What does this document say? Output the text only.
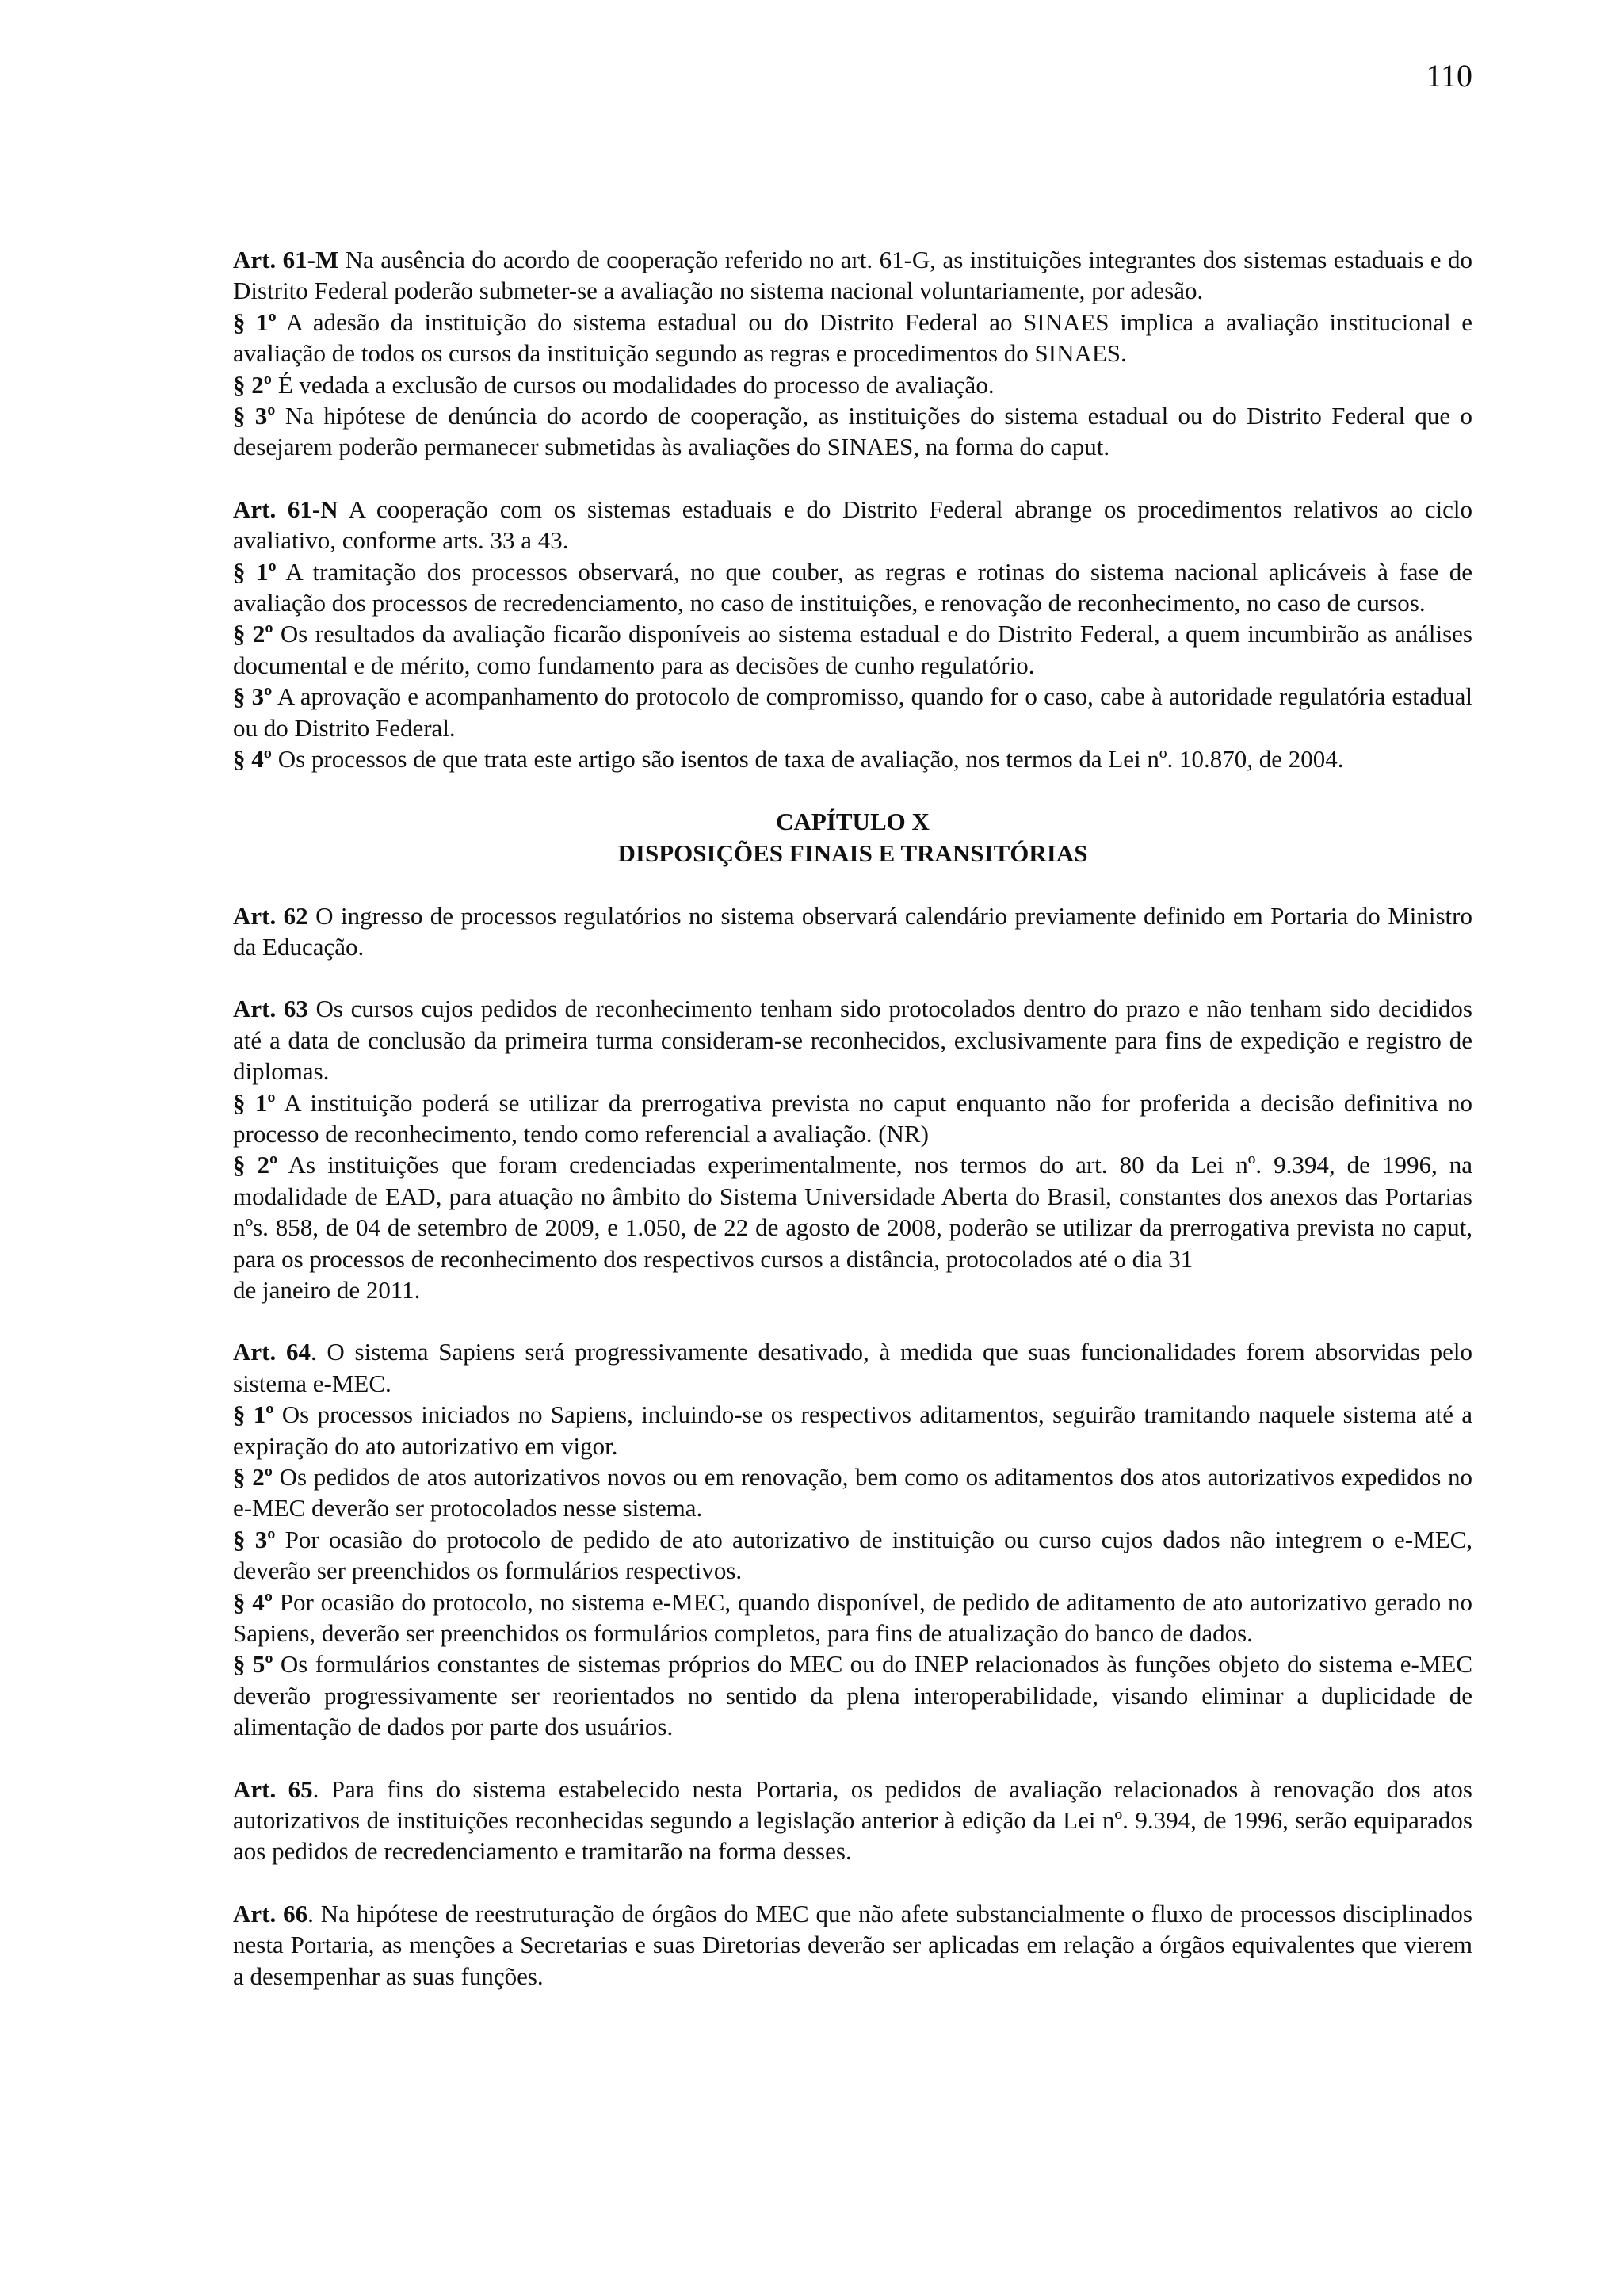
110

Art. 61-M Na ausência do acordo de cooperação referido no art. 61-G, as instituições integrantes dos sistemas estaduais e do Distrito Federal poderão submeter-se a avaliação no sistema nacional voluntariamente, por adesão.

§ 1º A adesão da instituição do sistema estadual ou do Distrito Federal ao SINAES implica a avaliação institucional e avaliação de todos os cursos da instituição segundo as regras e procedimentos do SINAES.

§ 2º É vedada a exclusão de cursos ou modalidades do processo de avaliação.

§ 3º Na hipótese de denúncia do acordo de cooperação, as instituições do sistema estadual ou do Distrito Federal que o desejarem poderão permanecer submetidas às avaliações do SINAES, na forma do caput.

Art. 61-N A cooperação com os sistemas estaduais e do Distrito Federal abrange os procedimentos relativos ao ciclo avaliativo, conforme arts. 33 a 43.

§ 1º A tramitação dos processos observará, no que couber, as regras e rotinas do sistema nacional aplicáveis à fase de avaliação dos processos de recredenciamento, no caso de instituições, e renovação de reconhecimento, no caso de cursos.

§ 2º Os resultados da avaliação ficarão disponíveis ao sistema estadual e do Distrito Federal, a quem incumbirão as análises documental e de mérito, como fundamento para as decisões de cunho regulatório.

§ 3º A aprovação e acompanhamento do protocolo de compromisso, quando for o caso, cabe à autoridade regulatória estadual ou do Distrito Federal.

§ 4º Os processos de que trata este artigo são isentos de taxa de avaliação, nos termos da Lei nº. 10.870, de 2004.

CAPÍTULO X

DISPOSIÇÕES FINAIS E TRANSITÓRIAS

Art. 62 O ingresso de processos regulatórios no sistema observará calendário previamente definido em Portaria do Ministro da Educação.

Art. 63 Os cursos cujos pedidos de reconhecimento tenham sido protocolados dentro do prazo e não tenham sido decididos até a data de conclusão da primeira turma consideram-se reconhecidos, exclusivamente para fins de expedição e registro de diplomas.

§ 1º A instituição poderá se utilizar da prerrogativa prevista no caput enquanto não for proferida a decisão definitiva no processo de reconhecimento, tendo como referencial a avaliação. (NR)

§ 2º As instituições que foram credenciadas experimentalmente, nos termos do art. 80 da Lei nº. 9.394, de 1996, na modalidade de EAD, para atuação no âmbito do Sistema Universidade Aberta do Brasil, constantes dos anexos das Portarias nºs. 858, de 04 de setembro de 2009, e 1.050, de 22 de agosto de 2008, poderão se utilizar da prerrogativa prevista no caput, para os processos de reconhecimento dos respectivos cursos a distância, protocolados até o dia 31

de janeiro de 2011.

Art. 64. O sistema Sapiens será progressivamente desativado, à medida que suas funcionalidades forem absorvidas pelo sistema e-MEC.

§ 1º Os processos iniciados no Sapiens, incluindo-se os respectivos aditamentos, seguirão tramitando naquele sistema até a expiração do ato autorizativo em vigor.

§ 2º Os pedidos de atos autorizativos novos ou em renovação, bem como os aditamentos dos atos autorizativos expedidos no e-MEC deverão ser protocolados nesse sistema.

§ 3º Por ocasião do protocolo de pedido de ato autorizativo de instituição ou curso cujos dados não integrem o e-MEC, deverão ser preenchidos os formulários respectivos.

§ 4º Por ocasião do protocolo, no sistema e-MEC, quando disponível, de pedido de aditamento de ato autorizativo gerado no Sapiens, deverão ser preenchidos os formulários completos, para fins de atualização do banco de dados.

§ 5º Os formulários constantes de sistemas próprios do MEC ou do INEP relacionados às funções objeto do sistema e-MEC deverão progressivamente ser reorientados no sentido da plena interoperabilidade, visando eliminar a duplicidade de alimentação de dados por parte dos usuários.

Art. 65. Para fins do sistema estabelecido nesta Portaria, os pedidos de avaliação relacionados à renovação dos atos autorizativos de instituições reconhecidas segundo a legislação anterior à edição da Lei nº. 9.394, de 1996, serão equiparados aos pedidos de recredenciamento e tramitarão na forma desses.

Art. 66. Na hipótese de reestruturação de órgãos do MEC que não afete substancialmente o fluxo de processos disciplinados nesta Portaria, as menções a Secretarias e suas Diretorias deverão ser aplicadas em relação a órgãos equivalentes que vierem a desempenhar as suas funções.
